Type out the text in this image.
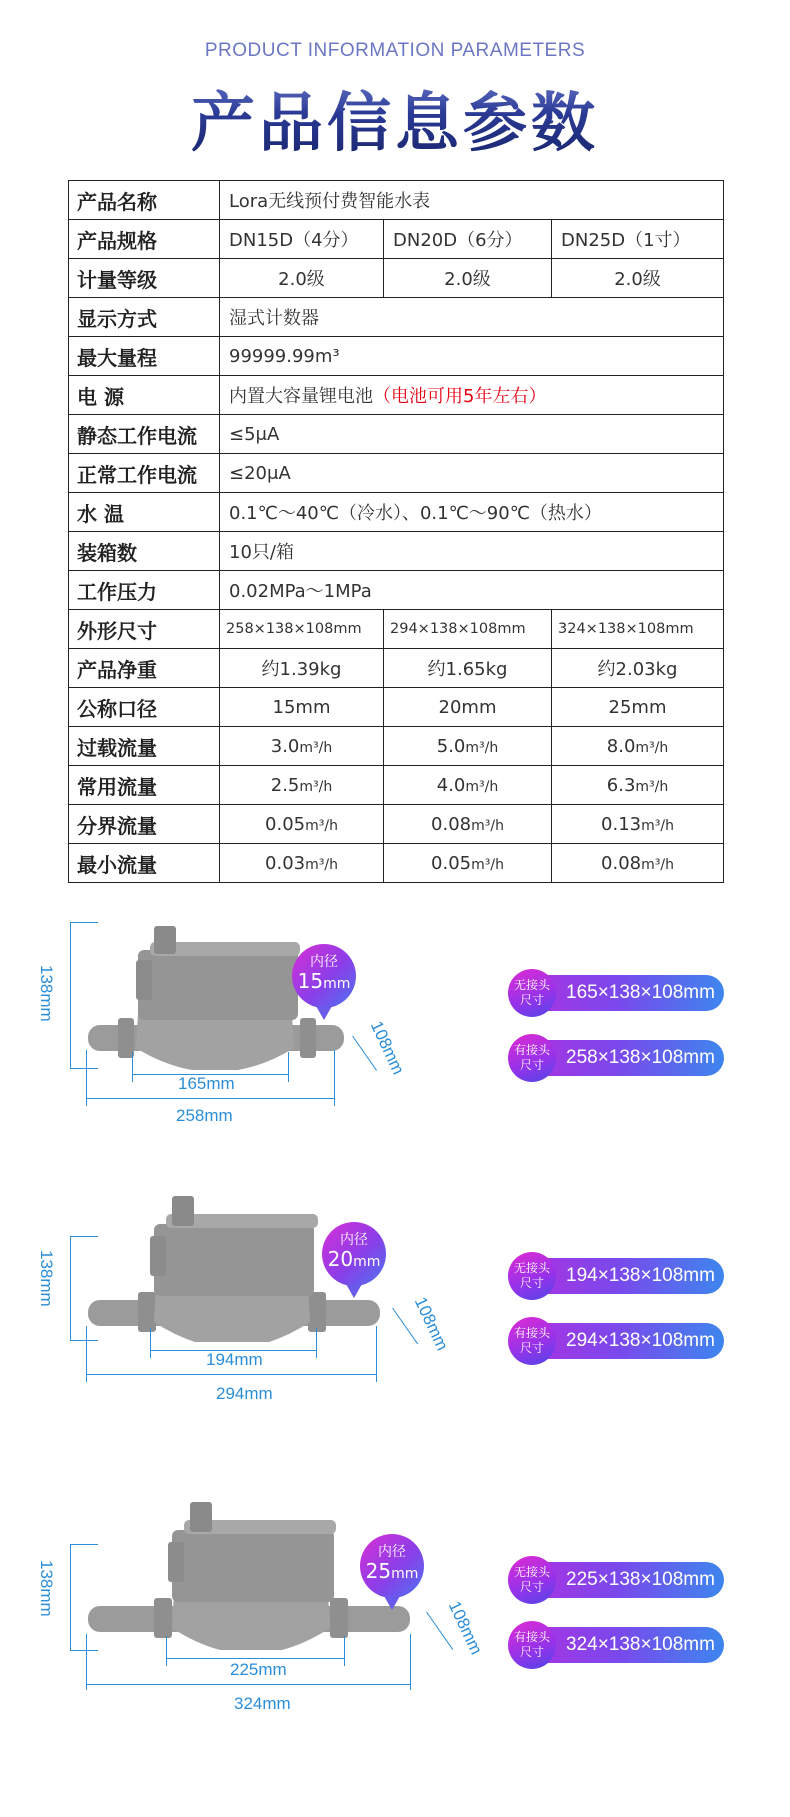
PRODUCT INFORMATION PARAMETERS
产品信息参数
产品名称	Lora无线预付费智能水表		
产品规格	DN15D（4分）	DN20D（6分）	DN25D（1寸）
计量等级	2.0级	2.0级	2.0级
显示方式	湿式计数器		
最大量程	99999.99m³		
电 源	内置大容量锂电池（电池可用5年左右）		
静态工作电流	≤5μA		
正常工作电流	≤20μA		
水 温	0.1℃～40℃（冷水）、0.1℃～90℃（热水）		
装箱数	10只/箱		
工作压力	0.02MPa～1MPa		
外形尺寸	258×138×108mm	294×138×108mm	324×138×108mm
产品净重	约1.39kg	约1.65kg	约2.03kg
公称口径	15mm	20mm	25mm
过载流量	3.0m³/h	5.0m³/h	8.0m³/h
常用流量	2.5m³/h	4.0m³/h	6.3m³/h
分界流量	0.05m³/h	0.08m³/h	0.13m³/h
最小流量	0.03m³/h	0.05m³/h	0.08m³/h
138mm
165mm
258mm
108mm
内径
15mm	无接头
尺寸	165×138×108mm
有接头
尺寸	258×138×108mm
138mm
194mm
294mm
108mm
内径
20mm	无接头
尺寸	194×138×108mm
有接头
尺寸	294×138×108mm
138mm
225mm
324mm
108mm
内径
25mm	无接头
尺寸	225×138×108mm
有接头
尺寸	324×138×108mm
